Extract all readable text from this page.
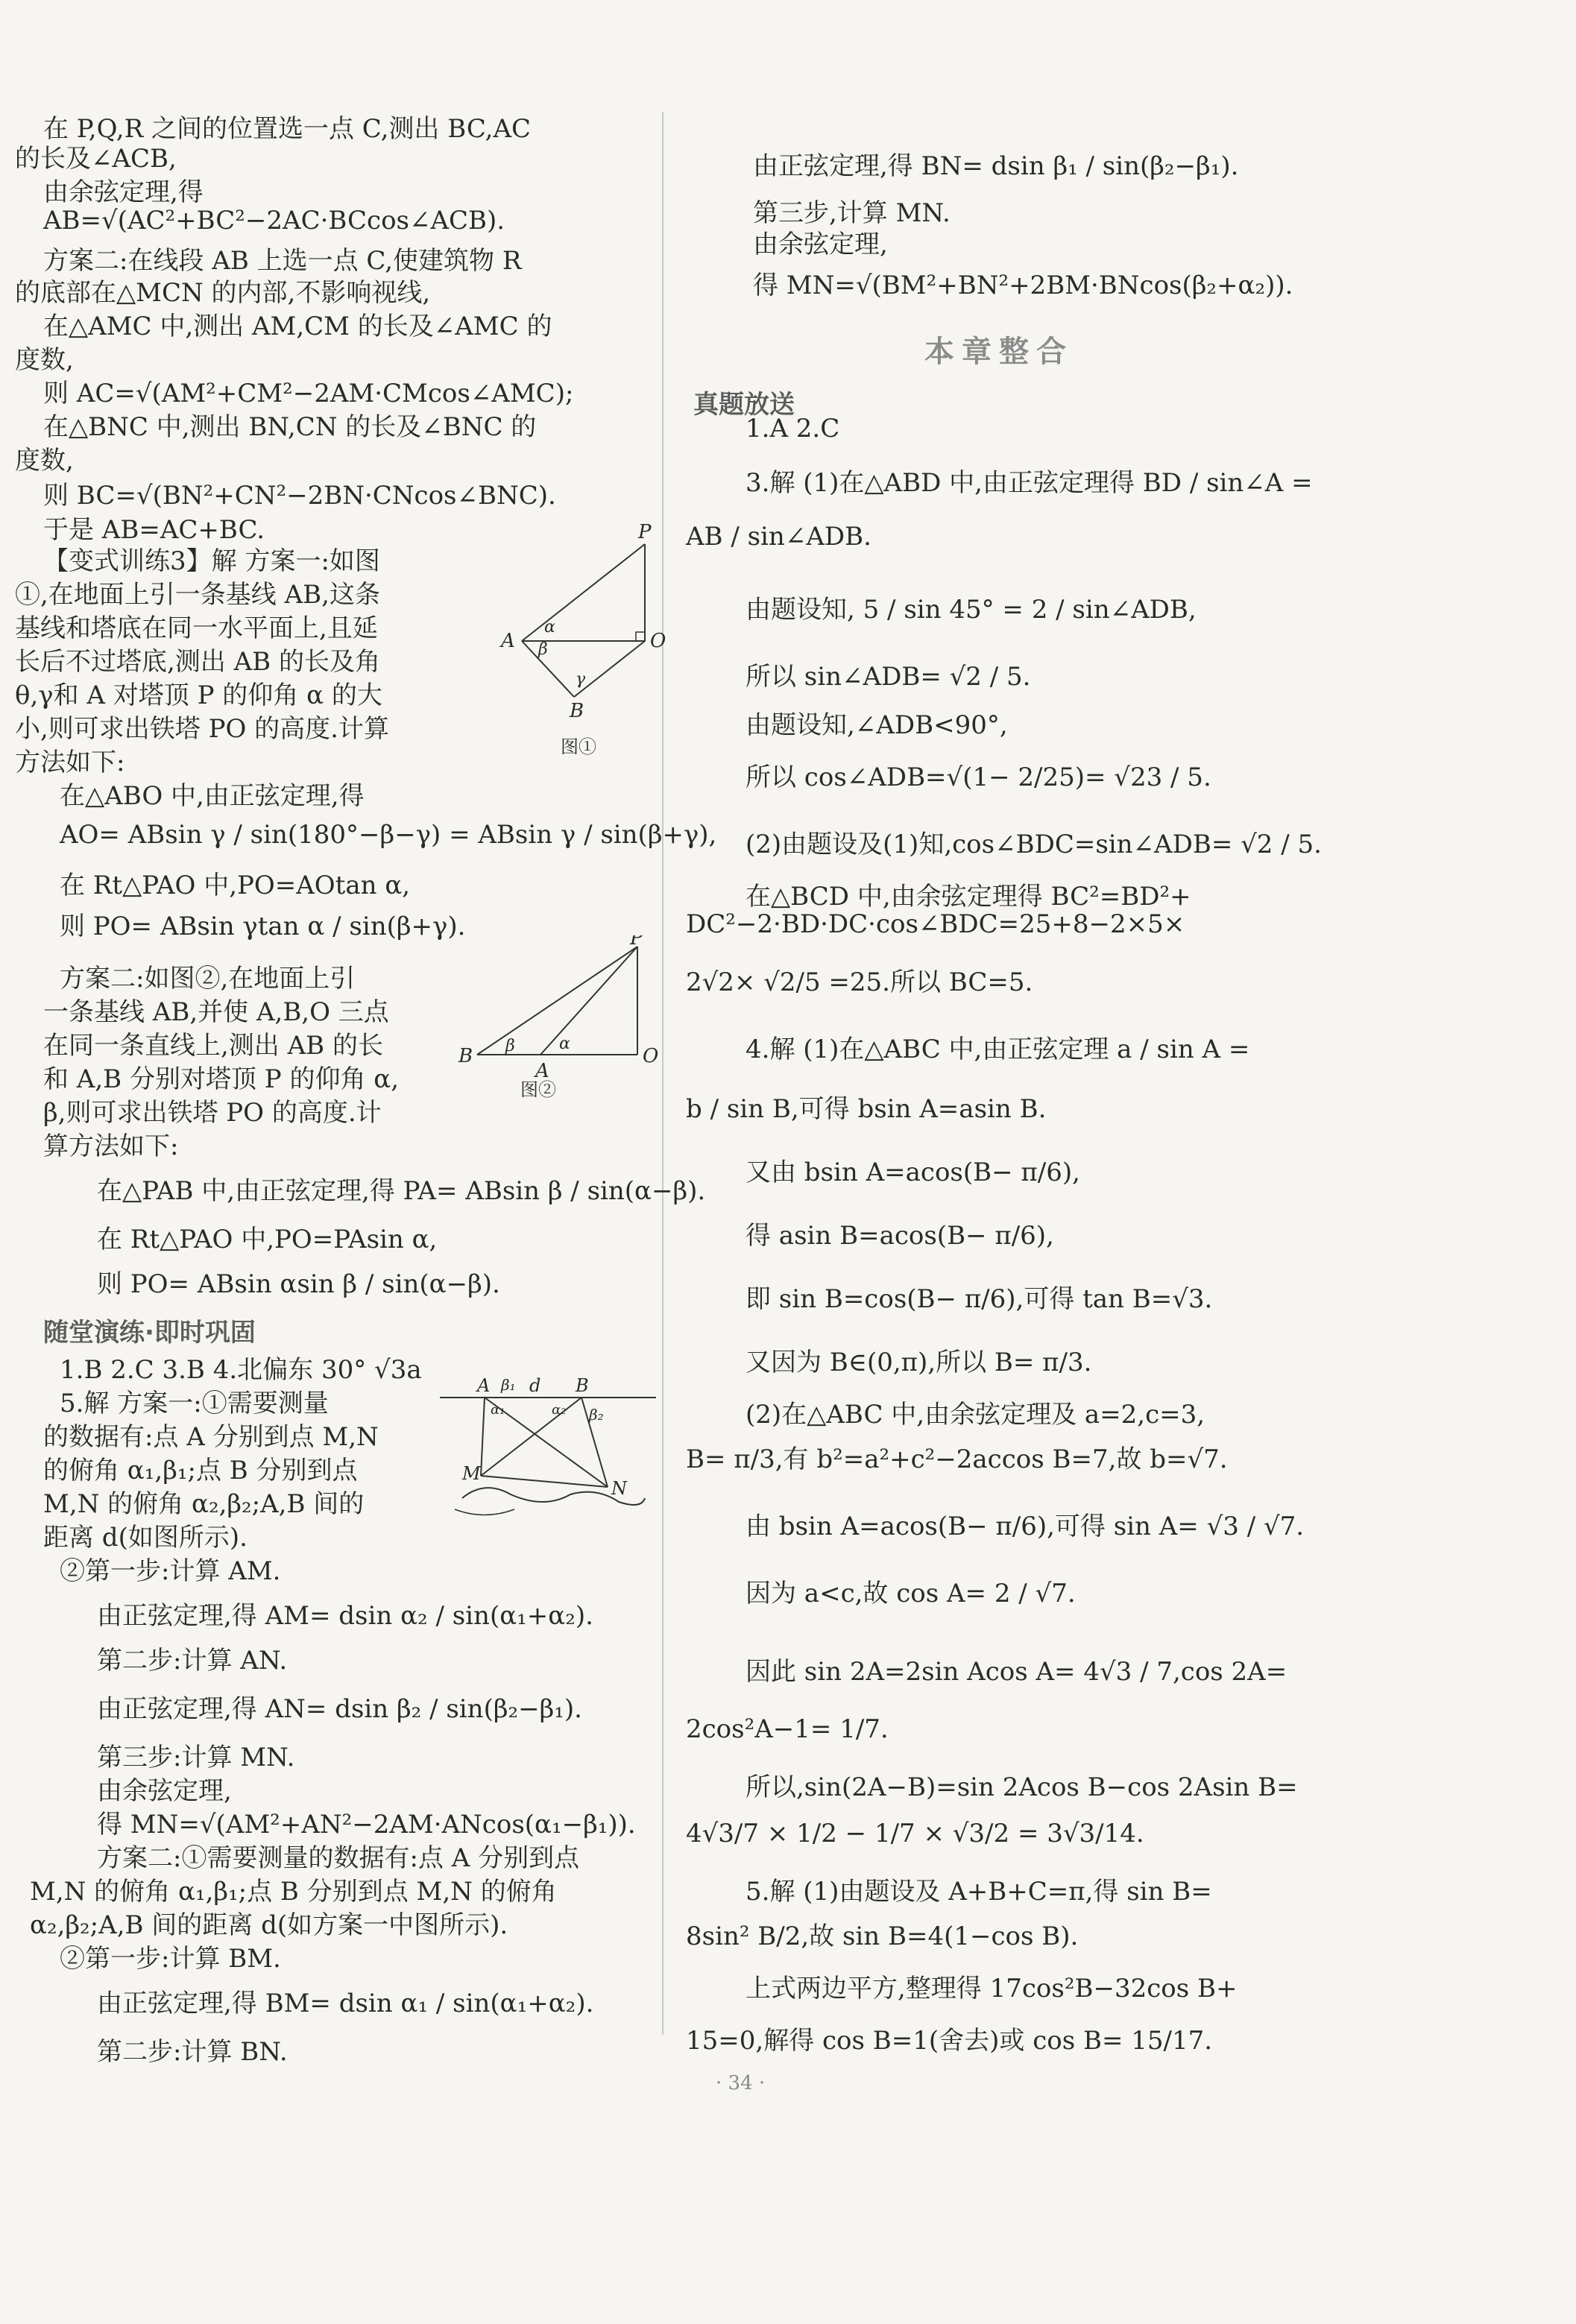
在 P,Q,R 之间的位置选一点 C,测出 BC,AC
的长及∠ACB,
由余弦定理,得
AB=√(AC²+BC²−2AC·BCcos∠ACB).
方案二:在线段 AB 上选一点 C,使建筑物 R
的底部在△MCN 的内部,不影响视线,
在△AMC 中,测出 AM,CM 的长及∠AMC 的
度数,
则 AC=√(AM²+CM²−2AM·CMcos∠AMC);
在△BNC 中,测出 BN,CN 的长及∠BNC 的
度数,
则 BC=√(BN²+CN²−2BN·CNcos∠BNC).
于是 AB=AC+BC.
【变式训练3】解 方案一:如图
①,在地面上引一条基线 AB,这条
基线和塔底在同一水平面上,且延
长后不过塔底,测出 AB 的长及角
θ,γ和 A 对塔顶 P 的仰角 α 的大
小,则可求出铁塔 PO 的高度.计算
方法如下:
在△ABO 中,由正弦定理,得
AO= ABsin γ / sin(180°−β−γ) = ABsin γ / sin(β+γ),
在 Rt△PAO 中,PO=AOtan α,
则 PO= ABsin γtan α / sin(β+γ).
方案二:如图②,在地面上引
一条基线 AB,并使 A,B,O 三点
在同一条直线上,测出 AB 的长
和 A,B 分别对塔顶 P 的仰角 α,
β,则可求出铁塔 PO 的高度.计
算方法如下:
在△PAB 中,由正弦定理,得 PA= ABsin β / sin(α−β).
在 Rt△PAO 中,PO=PAsin α,
则 PO= ABsin αsin β / sin(α−β).
随堂演练·即时巩固
1.B 2.C 3.B 4.北偏东 30° √3a
5.解 方案一:①需要测量
的数据有:点 A 分别到点 M,N
的俯角 α₁,β₁;点 B 分别到点
M,N 的俯角 α₂,β₂;A,B 间的
距离 d(如图所示).
②第一步:计算 AM.
由正弦定理,得 AM= dsin α₂ / sin(α₁+α₂).
第二步:计算 AN.
由正弦定理,得 AN= dsin β₂ / sin(β₂−β₁).
第三步:计算 MN.
由余弦定理,
得 MN=√(AM²+AN²−2AM·ANcos(α₁−β₁)).
方案二:①需要测量的数据有:点 A 分别到点
M,N 的俯角 α₁,β₁;点 B 分别到点 M,N 的俯角
α₂,β₂;A,B 间的距离 d(如方案一中图所示).
②第一步:计算 BM.
由正弦定理,得 BM= dsin α₁ / sin(α₁+α₂).
第二步:计算 BN.
由正弦定理,得 BN= dsin β₁ / sin(β₂−β₁).
第三步,计算 MN.
由余弦定理,
得 MN=√(BM²+BN²+2BM·BNcos(β₂+α₂)).
本章整合
真题放送
1.A 2.C
3.解 (1)在△ABD 中,由正弦定理得 BD / sin∠A =
AB / sin∠ADB.
由题设知, 5 / sin 45° = 2 / sin∠ADB,
所以 sin∠ADB= √2 / 5.
由题设知,∠ADB<90°,
所以 cos∠ADB=√(1− 2/25)= √23 / 5.
(2)由题设及(1)知,cos∠BDC=sin∠ADB= √2 / 5.
在△BCD 中,由余弦定理得 BC²=BD²+
DC²−2·BD·DC·cos∠BDC=25+8−2×5×
2√2× √2/5 =25.所以 BC=5.
4.解 (1)在△ABC 中,由正弦定理 a / sin A =
b / sin B,可得 bsin A=asin B.
又由 bsin A=acos(B− π/6),
得 asin B=acos(B− π/6),
即 sin B=cos(B− π/6),可得 tan B=√3.
又因为 B∈(0,π),所以 B= π/3.
(2)在△ABC 中,由余弦定理及 a=2,c=3,
B= π/3,有 b²=a²+c²−2accos B=7,故 b=√7.
由 bsin A=acos(B− π/6),可得 sin A= √3 / √7.
因为 a<c,故 cos A= 2 / √7.
因此 sin 2A=2sin Acos A= 4√3 / 7,cos 2A=
2cos²A−1= 1/7.
所以,sin(2A−B)=sin 2Acos B−cos 2Asin B=
4√3/7 × 1/2 − 1/7 × √3/2 = 3√3/14.
5.解 (1)由题设及 A+B+C=π,得 sin B=
8sin² B/2,故 sin B=4(1−cos B).
上式两边平方,整理得 17cos²B−32cos B+
15=0,解得 cos B=1(舍去)或 cos B= 15/17.
P
A	O
B
α
β
γ
图①
P
B
A
O
α
β
图②
A	B
d
M
N
α₁
β₁
α₂ β₂
· 34 ·
